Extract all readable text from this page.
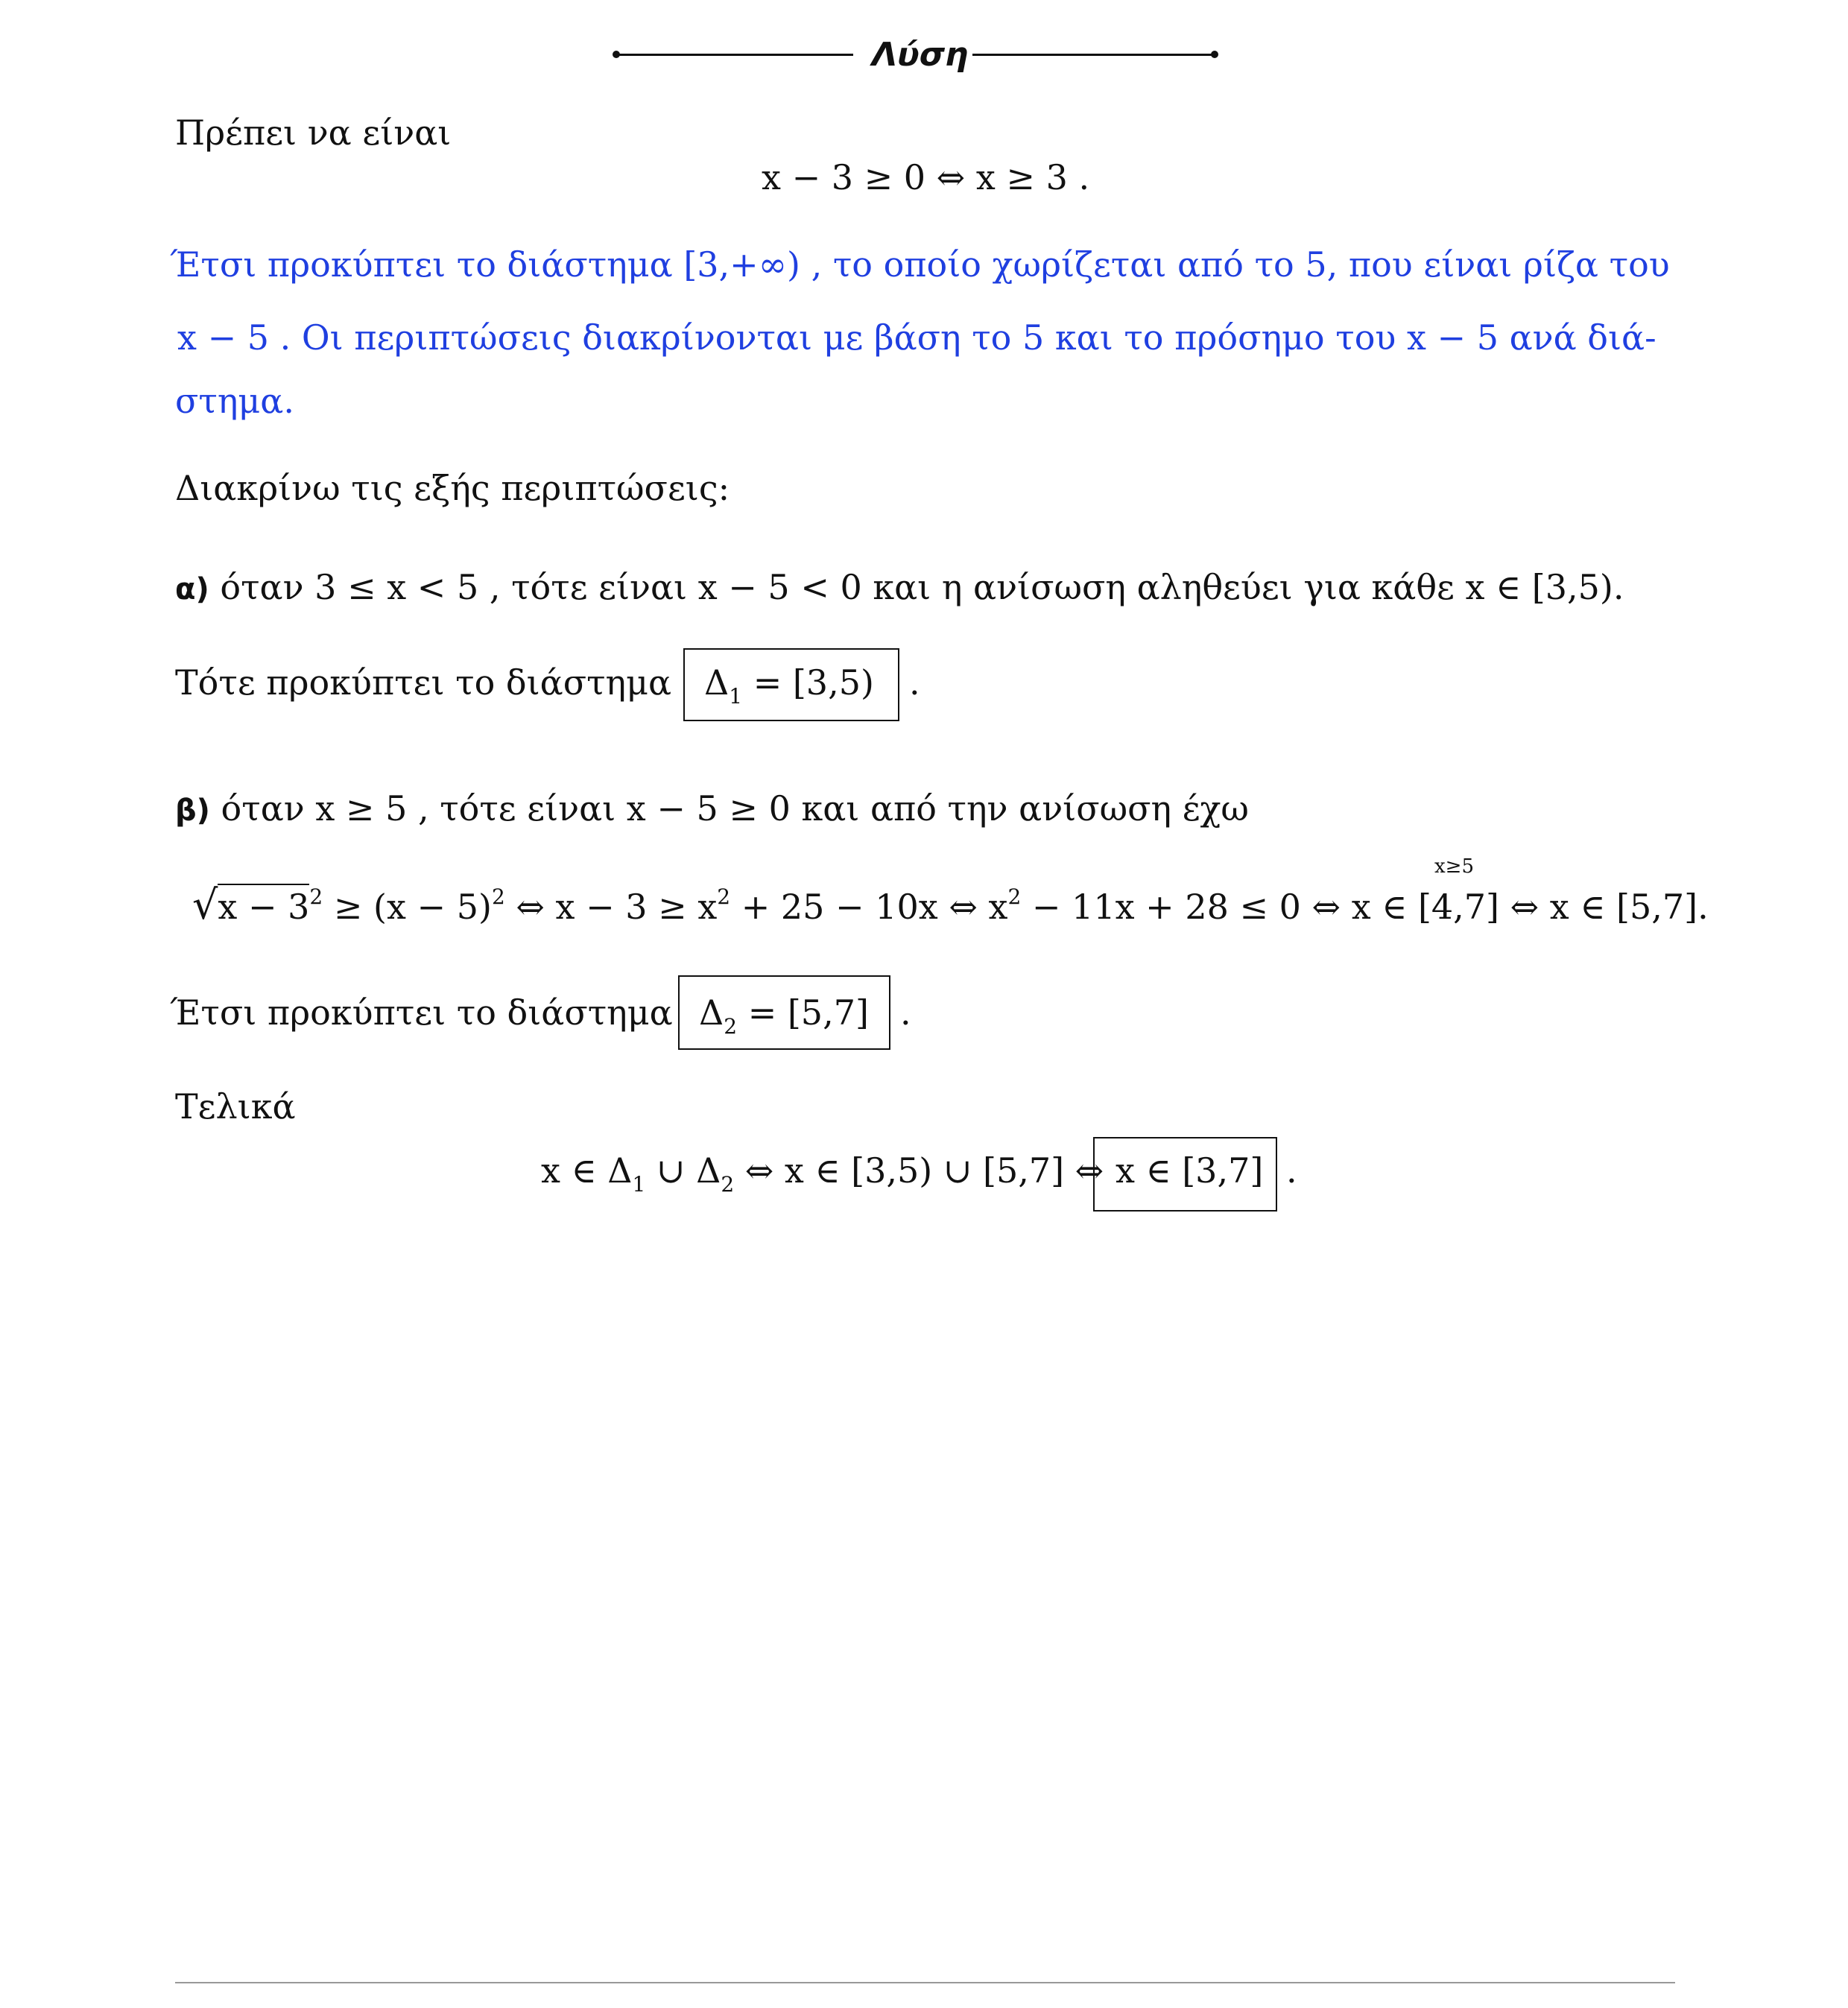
Λύση
Πρέπει να είναι
x − 3 ≥ 0 ⇔ x ≥ 3 .
Έτσι προκύπτει το διάστημα [3,+∞) , το οποίο χωρίζεται από το 5, που είναι ρίζα του
x − 5 . Οι περιπτώσεις διακρίνονται με βάση το 5 και το πρόσημο του x − 5 ανά διά-
στημα.
Διακρίνω τις εξής περιπτώσεις:
α) όταν 3 ≤ x < 5 , τότε είναι x − 5 < 0 και η ανίσωση αληθεύει για κάθε x ∈ [3,5).
Τότε προκύπτει το διάστημα $\Delta_1 = [3,5)$ .
β) όταν x ≥ 5 , τότε είναι x − 5 ≥ 0 και από την ανίσωση έχω
x≥5
$√x - 3^2 \ge (x - 5)^2$ ⇔ $x - 3 \ge x^2 + 25 - 10x$ ⇔ $x^2 - 11x + 28 \le 0$ ⇔ x ∈ [4,7] ⇔ x ∈ [5,7].
Έτσι προκύπτει το διάστημα $\Delta_2 = [5,7]$ .
Τελικά
x ∈ $\Delta_1$ ∪ $\Delta_2$ ⇔ x ∈ [3,5) ∪ [5,7] ⇔ x ∈ [3,7] .
